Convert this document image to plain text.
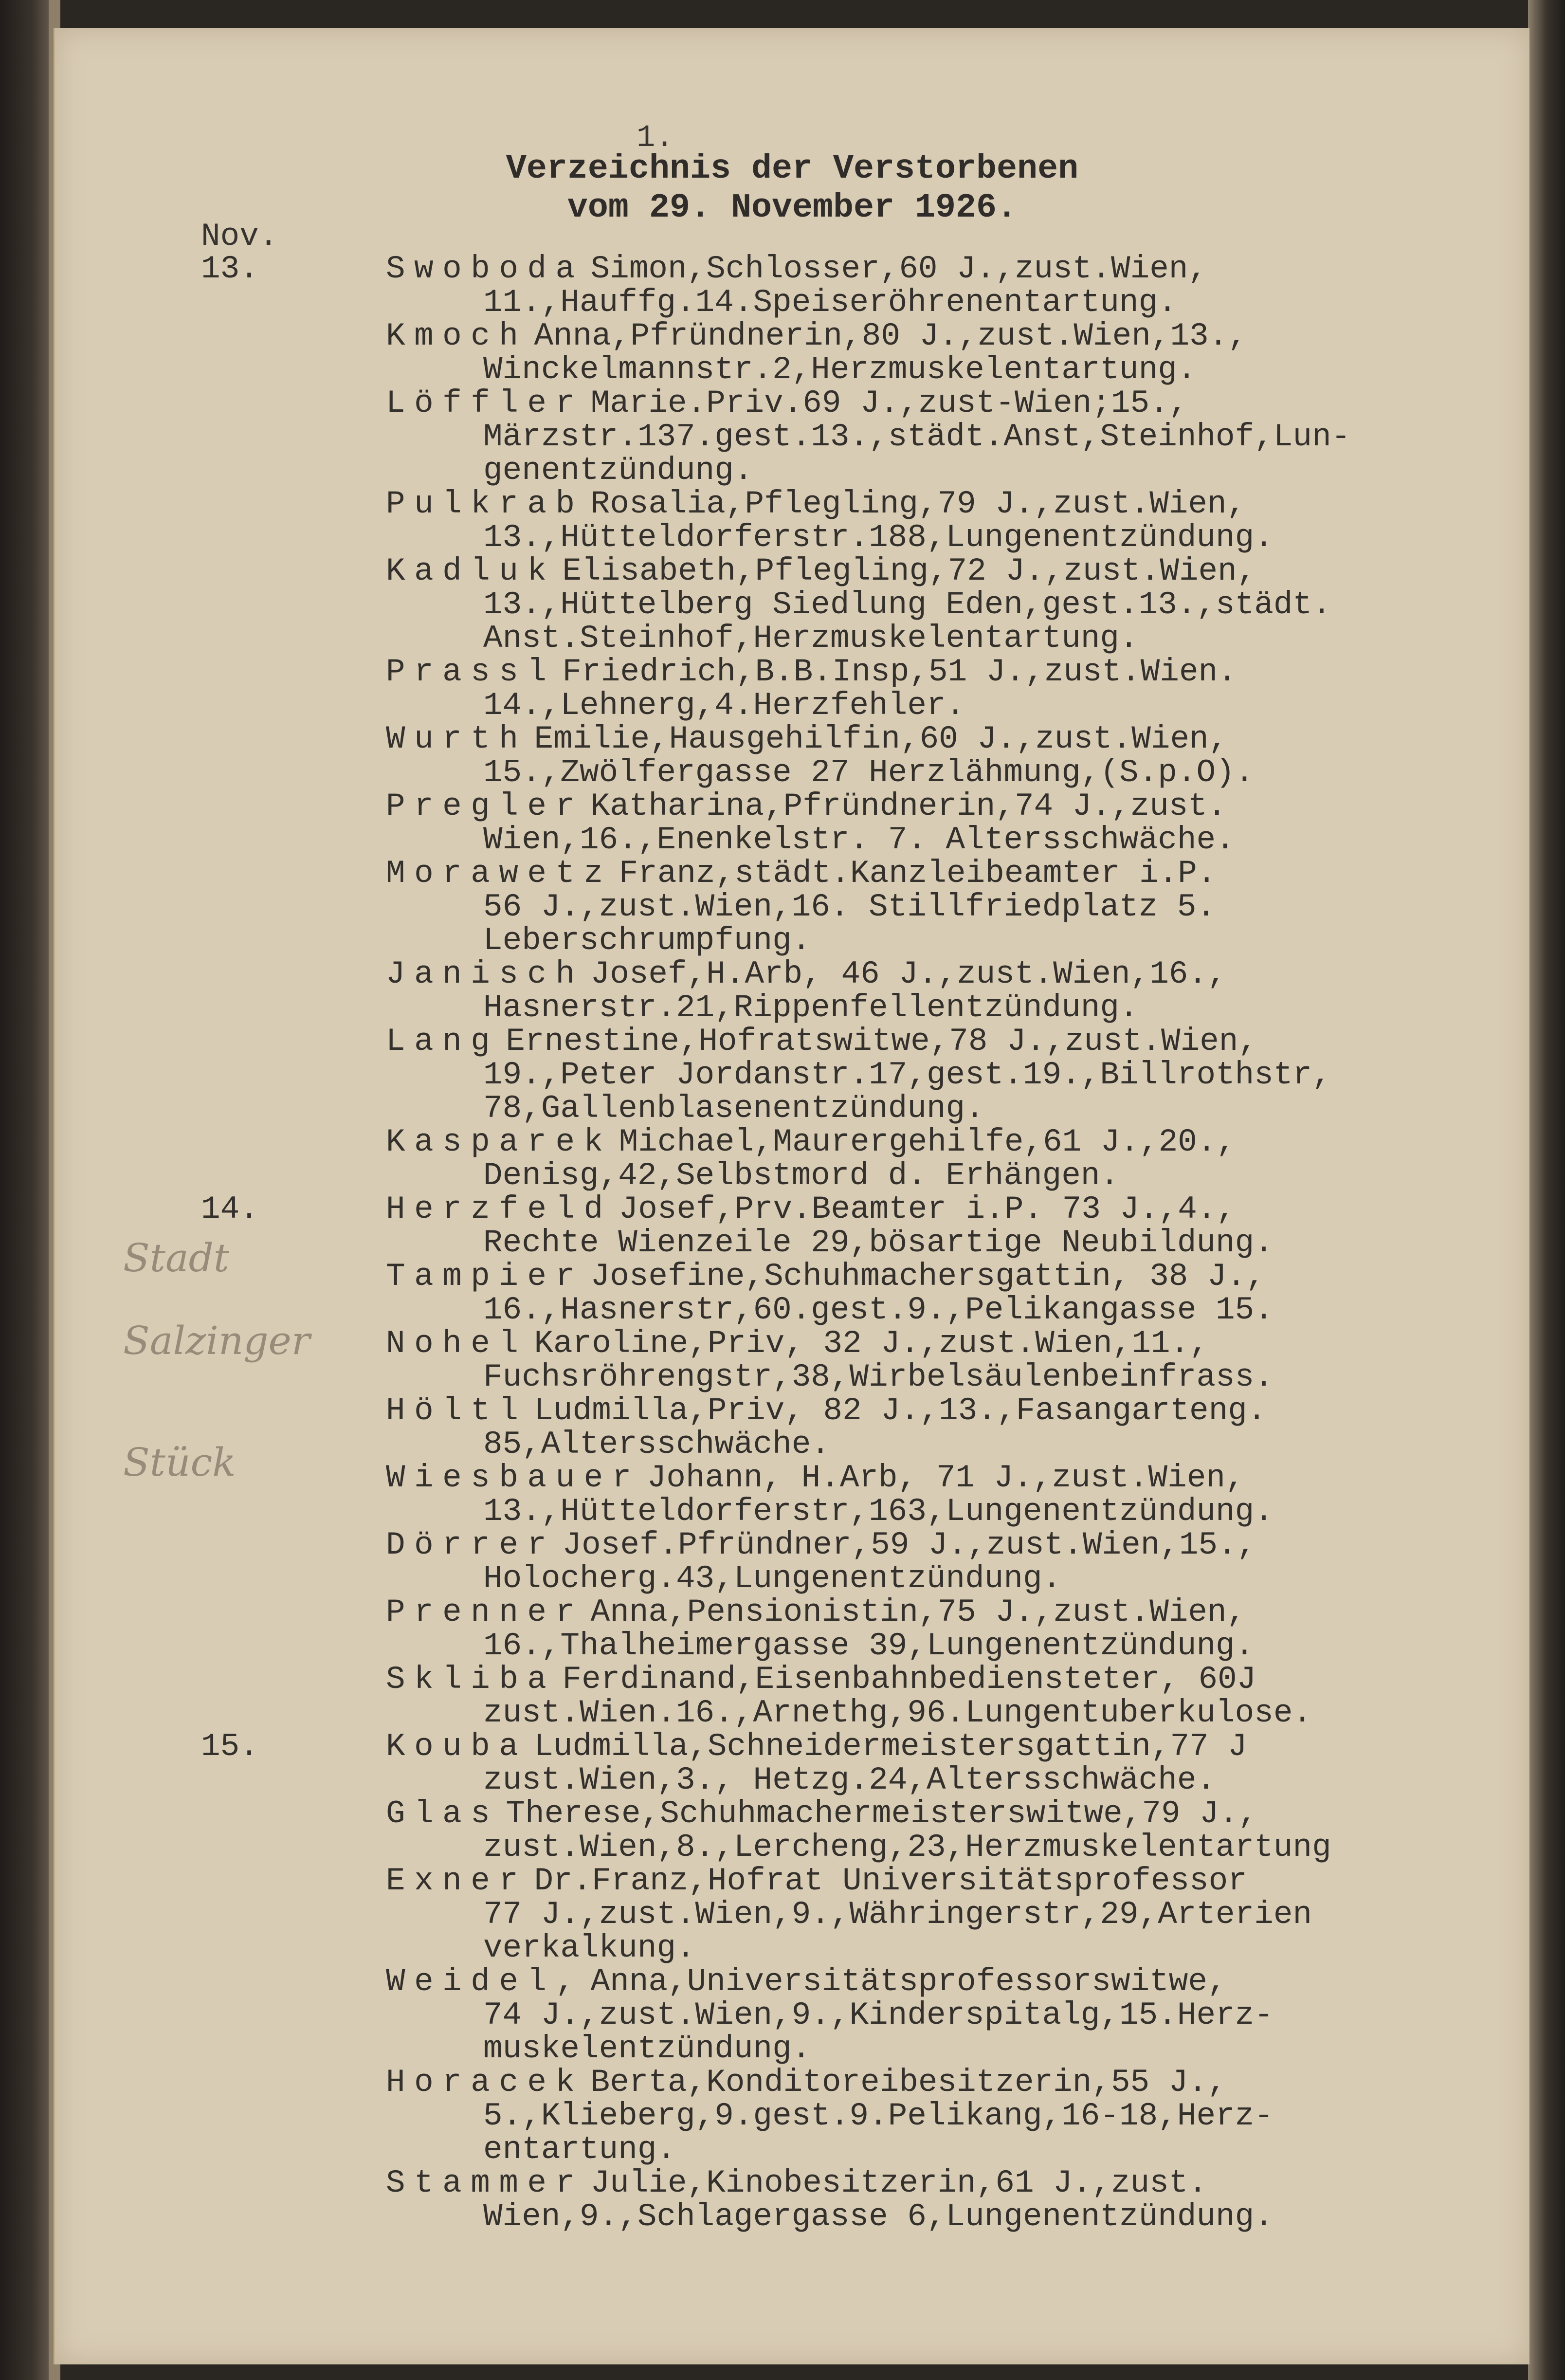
1.
Verzeichnis der Verstorbenen
vom 29. November 1926.
Nov.
Stadt
Salzinger
Stück
13.	Swoboda Simon,Schlosser,60 J.,zust.Wien,
11.,Hauffg.14.Speiseröhrenentartung.
Kmoch Anna,Pfründnerin,80 J.,zust.Wien,13.,
Winckelmannstr.2,Herzmuskelentartung.
Löffler Marie.Priv.69 J.,zust-Wien;15.,
Märzstr.137.gest.13.,städt.Anst,Steinhof,Lun-
genentzündung.
Pulkrab Rosalia,Pflegling,79 J.,zust.Wien,
13.,Hütteldorferstr.188,Lungenentzündung.
Kadluk Elisabeth,Pflegling,72 J.,zust.Wien,
13.,Hüttelberg Siedlung Eden,gest.13.,städt.
Anst.Steinhof,Herzmuskelentartung.
Prassl Friedrich,B.B.Insp,51 J.,zust.Wien.
14.,Lehnerg,4.Herzfehler.
Wurth Emilie,Hausgehilfin,60 J.,zust.Wien,
15.,Zwölfergasse 27 Herzlähmung,(S.p.O).
Pregler Katharina,Pfründnerin,74 J.,zust.
Wien,16.,Enenkelstr. 7. Altersschwäche.
Morawetz Franz,städt.Kanzleibeamter i.P.
56 J.,zust.Wien,16. Stillfriedplatz 5.
Leberschrumpfung.
Janisch Josef,H.Arb, 46 J.,zust.Wien,16.,
Hasnerstr.21,Rippenfellentzündung.
Lang Ernestine,Hofratswitwe,78 J.,zust.Wien,
19.,Peter Jordanstr.17,gest.19.,Billrothstr,
78,Gallenblasenentzündung.
Kasparek Michael,Maurergehilfe,61 J.,20.,
Denisg,42,Selbstmord d. Erhängen.
14.	Herzfeld Josef,Prv.Beamter i.P. 73 J.,4.,
Rechte Wienzeile 29,bösartige Neubildung.
Tampier Josefine,Schuhmachersgattin, 38 J.,
16.,Hasnerstr,60.gest.9.,Pelikangasse 15.
Nohel Karoline,Priv, 32 J.,zust.Wien,11.,
Fuchsröhrengstr,38,Wirbelsäulenbeinfrass.
Höltl Ludmilla,Priv, 82 J.,13.,Fasangarteng.
85,Altersschwäche.
Wiesbauer Johann, H.Arb, 71 J.,zust.Wien,
13.,Hütteldorferstr,163,Lungenentzündung.
Dörrer Josef.Pfründner,59 J.,zust.Wien,15.,
Holocherg.43,Lungenentzündung.
Prenner Anna,Pensionistin,75 J.,zust.Wien,
16.,Thalheimergasse 39,Lungenentzündung.
Skliba Ferdinand,Eisenbahnbediensteter, 60J
zust.Wien.16.,Arnethg,96.Lungentuberkulose.
15.	Kouba Ludmilla,Schneidermeistersgattin,77 J
zust.Wien,3., Hetzg.24,Altersschwäche.
Glas Therese,Schuhmachermeisterswitwe,79 J.,
zust.Wien,8.,Lercheng,23,Herzmuskelentartung
Exner Dr.Franz,Hofrat Universitätsprofessor
77 J.,zust.Wien,9.,Währingerstr,29,Arterien
verkalkung.
Weidel, Anna,Universitätsprofessorswitwe,
74 J.,zust.Wien,9.,Kinderspitalg,15.Herz-
muskelentzündung.
Horacek Berta,Konditoreibesitzerin,55 J.,
5.,Klieberg,9.gest.9.Pelikang,16-18,Herz-
entartung.
Stammer Julie,Kinobesitzerin,61 J.,zust.
Wien,9.,Schlagergasse 6,Lungenentzündung.
